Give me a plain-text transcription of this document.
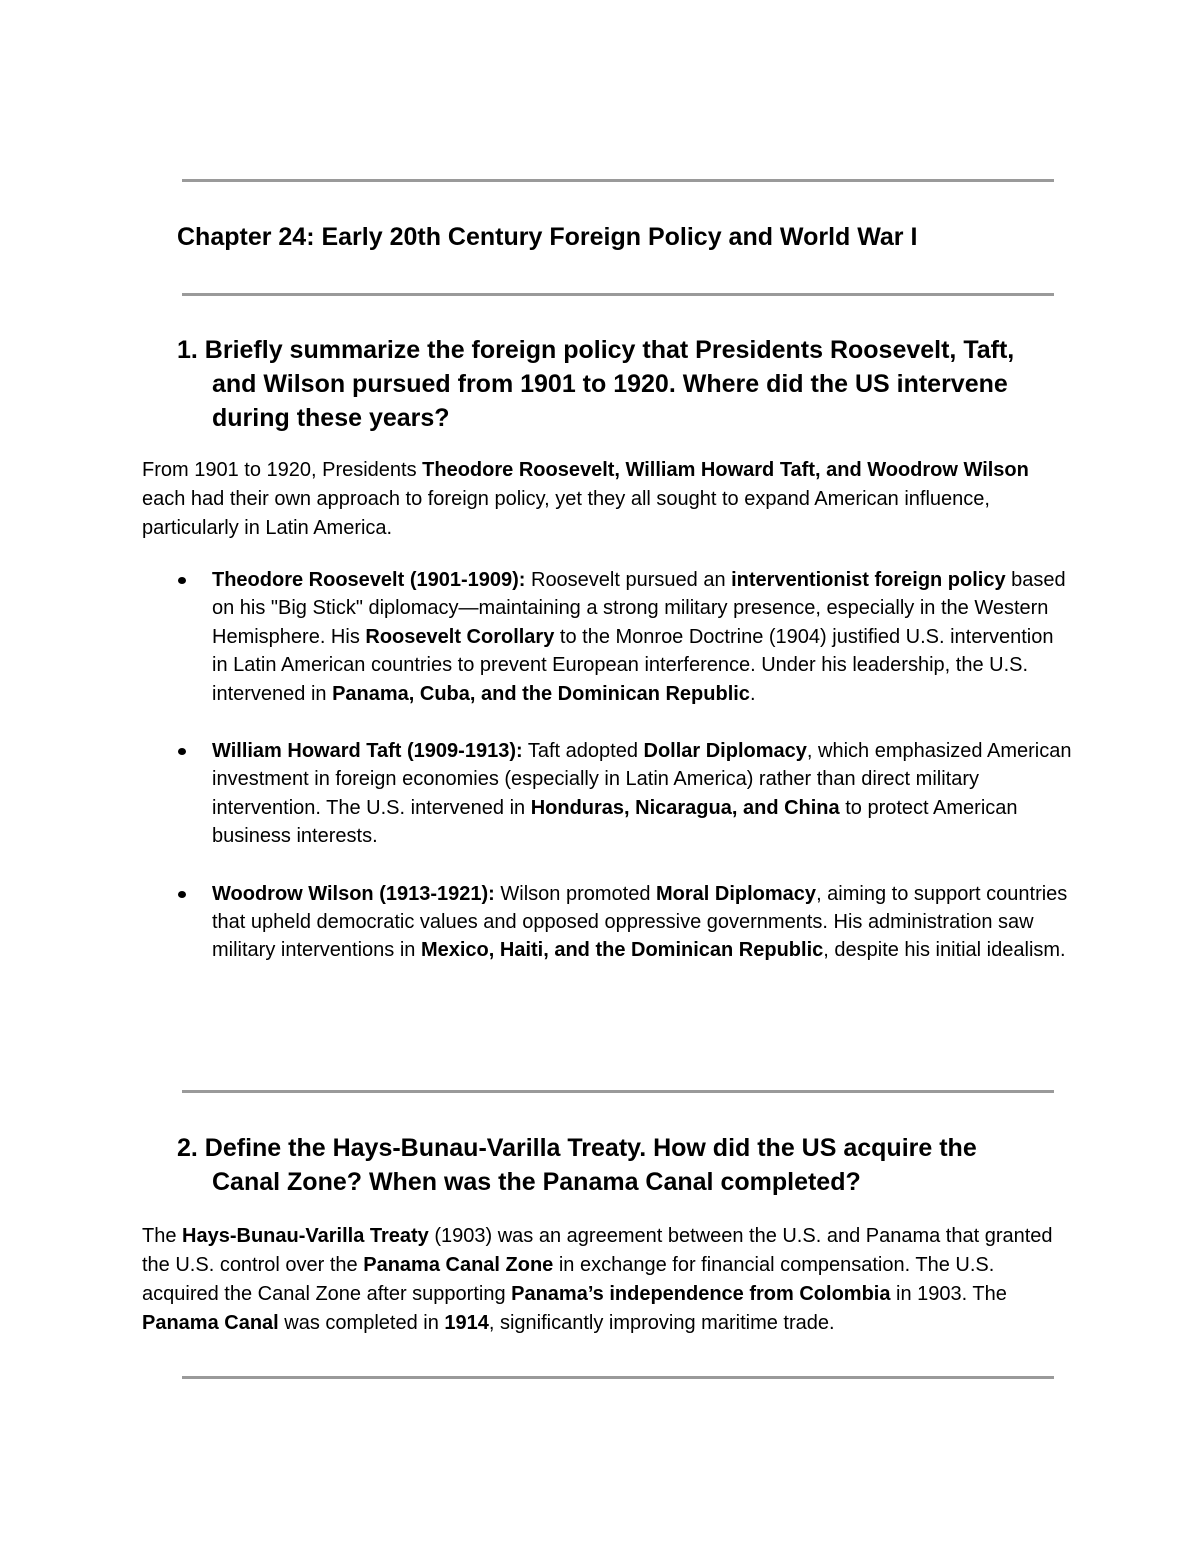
Chapter 24: Early 20th Century Foreign Policy and World War I
1. Briefly summarize the foreign policy that Presidents Roosevelt, Taft,
and Wilson pursued from 1901 to 1920. Where did the US intervene
during these years?

From 1901 to 1920, Presidents Theodore Roosevelt, William Howard Taft, and Woodrow Wilson each had their own approach to foreign policy, yet they all sought to expand American influence, particularly in Latin America.

Theodore Roosevelt (1901-1909): Roosevelt pursued an interventionist foreign policy based on his "Big Stick" diplomacy—maintaining a strong military presence, especially in the Western Hemisphere. His Roosevelt Corollary to the Monroe Doctrine (1904) justified U.S. intervention in Latin American countries to prevent European interference. Under his leadership, the U.S. intervened in Panama, Cuba, and the Dominican Republic.
William Howard Taft (1909-1913): Taft adopted Dollar Diplomacy, which emphasized American investment in foreign economies (especially in Latin America) rather than direct military intervention. The U.S. intervened in Honduras, Nicaragua, and China to protect American business interests.
Woodrow Wilson (1913-1921): Wilson promoted Moral Diplomacy, aiming to support countries that upheld democratic values and opposed oppressive governments. His administration saw military interventions in Mexico, Haiti, and the Dominican Republic, despite his initial idealism.
2. Define the Hays-Bunau-Varilla Treaty. How did the US acquire the
Canal Zone? When was the Panama Canal completed?

The Hays-Bunau-Varilla Treaty (1903) was an agreement between the U.S. and Panama that granted the U.S. control over the Panama Canal Zone in exchange for financial compensation. The U.S. acquired the Canal Zone after supporting Panama’s independence from Colombia in 1903. The Panama Canal was completed in 1914, significantly improving maritime trade.
